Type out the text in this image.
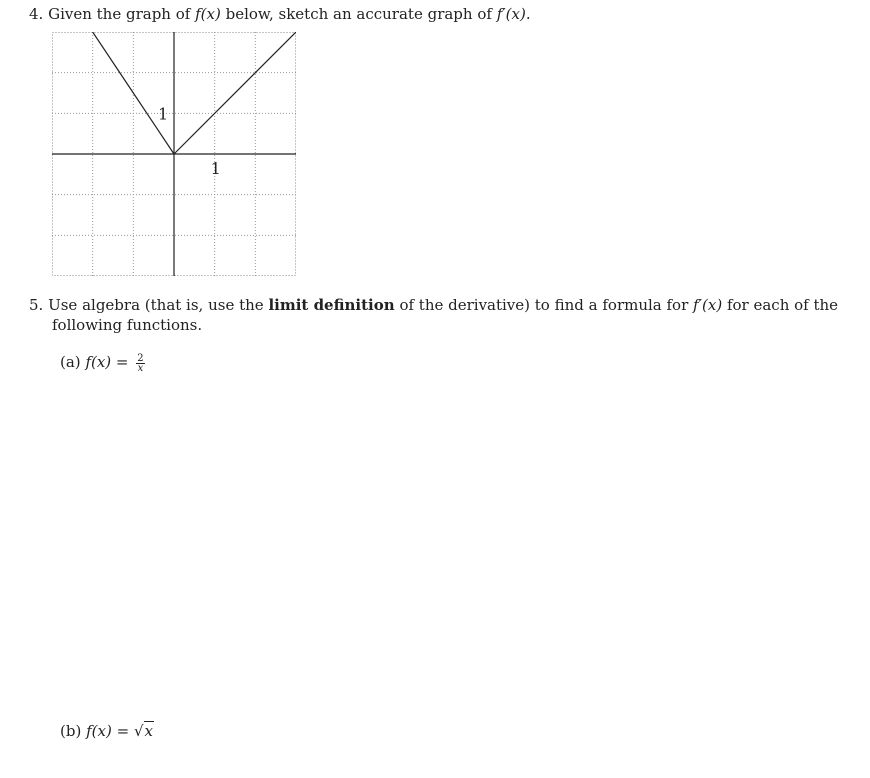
4. Given the graph of f(x) below, sketch an accurate graph of f′(x).
1
1
5. Use algebra (that is, use the limit definition of the derivative) to find a formula for f′(x) for each of the
following functions.
(a) $f(x) = \frac{2}{x}$
(b) f(x) = √x
